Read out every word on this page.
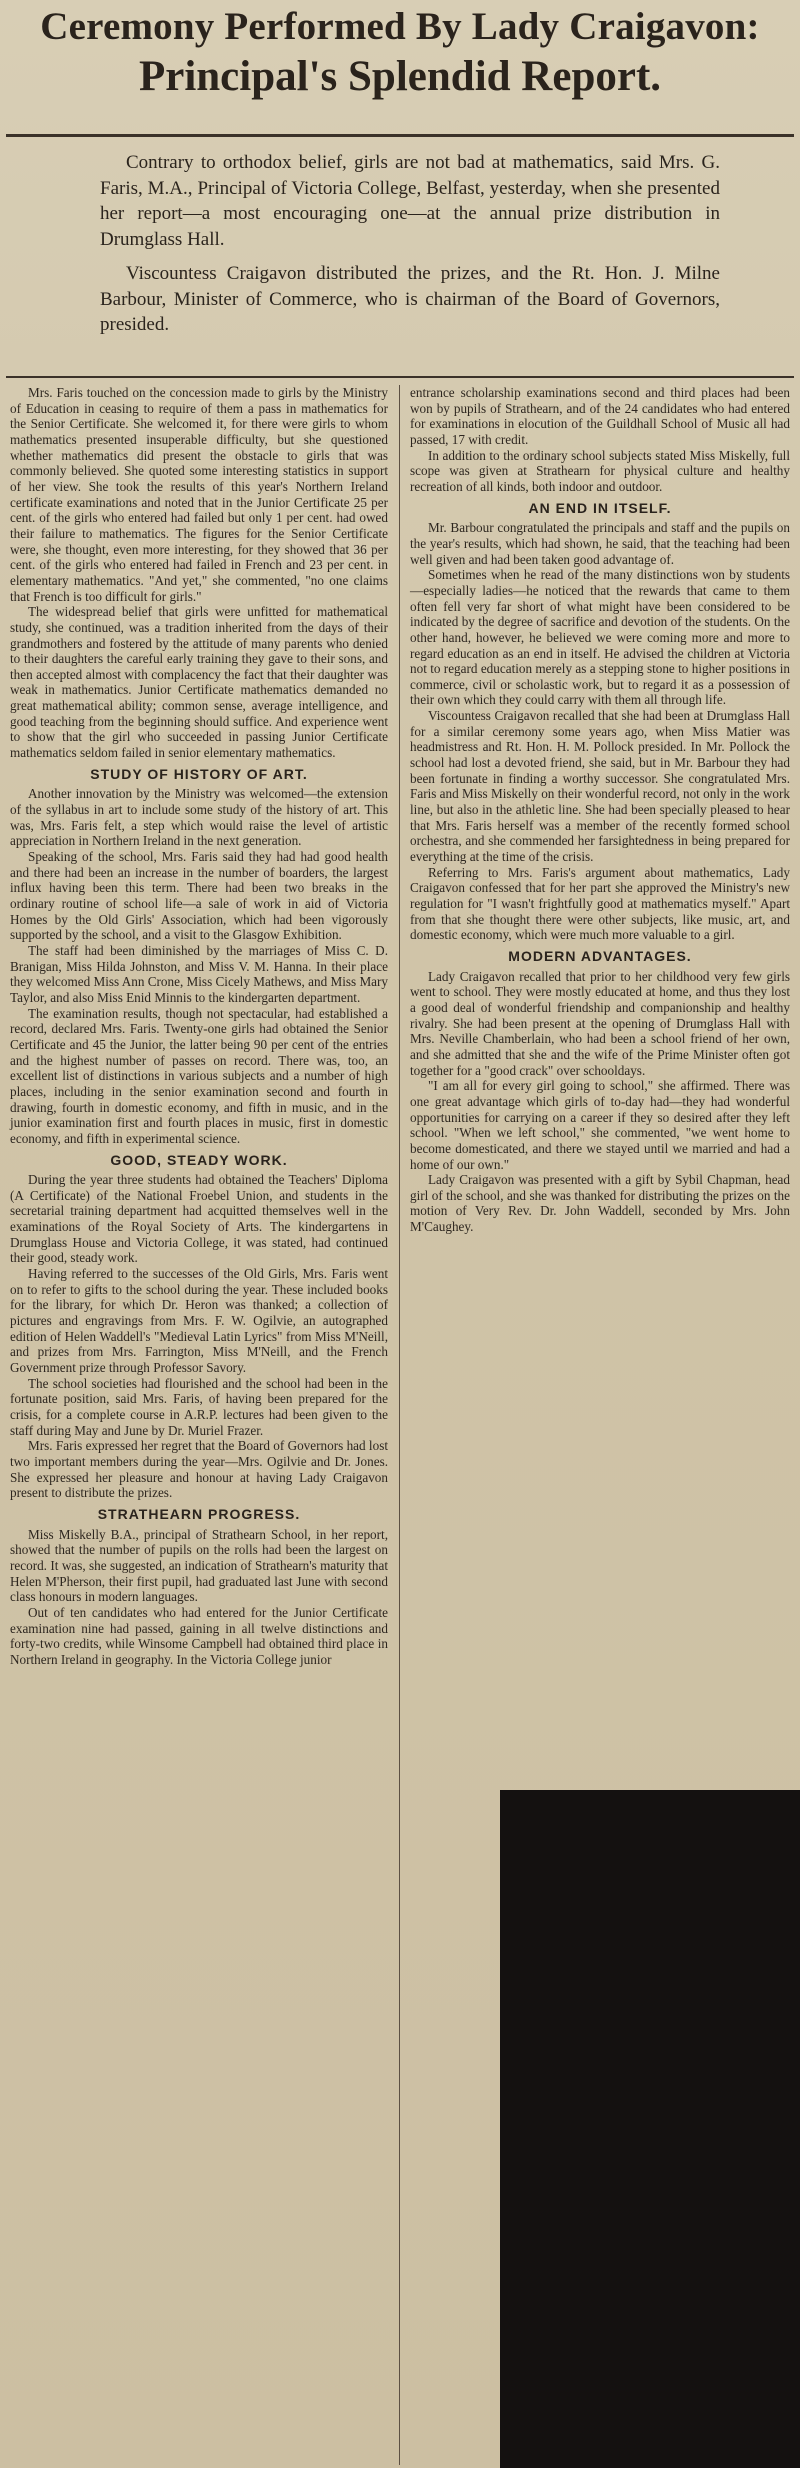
Ceremony Performed By Lady Craigavon:
Principal's Splendid Report.

Contrary to orthodox belief, girls are not bad at mathematics, said Mrs. G. Faris, M.A., Principal of Victoria College, Belfast, yesterday, when she presented her report—a most encouraging one—at the annual prize distribution in Drumglass Hall.

Viscountess Craigavon distributed the prizes, and the Rt. Hon. J. Milne Barbour, Minister of Commerce, who is chairman of the Board of Governors, presided.

Mrs. Faris touched on the concession made to girls by the Ministry of Education in ceasing to require of them a pass in mathematics for the Senior Certificate. She welcomed it, for there were girls to whom mathematics presented insuperable difficulty, but she questioned whether mathematics did present the obstacle to girls that was commonly believed. She quoted some interesting statistics in support of her view. She took the results of this year's Northern Ireland certificate examinations and noted that in the Junior Certificate 25 per cent. of the girls who entered had failed but only 1 per cent. had owed their failure to mathematics. The figures for the Senior Certificate were, she thought, even more interesting, for they showed that 36 per cent. of the girls who entered had failed in French and 23 per cent. in elementary mathematics. "And yet," she commented, "no one claims that French is too difficult for girls."

The widespread belief that girls were unfitted for mathematical study, she continued, was a tradition inherited from the days of their grandmothers and fostered by the attitude of many parents who denied to their daughters the careful early training they gave to their sons, and then accepted almost with complacency the fact that their daughter was weak in mathematics. Junior Certificate mathematics demanded no great mathematical ability; common sense, average intelligence, and good teaching from the beginning should suffice. And experience went to show that the girl who succeeded in passing Junior Certificate mathematics seldom failed in senior elementary mathematics.

STUDY OF HISTORY OF ART.

Another innovation by the Ministry was welcomed—the extension of the syllabus in art to include some study of the history of art. This was, Mrs. Faris felt, a step which would raise the level of artistic appreciation in Northern Ireland in the next generation.

Speaking of the school, Mrs. Faris said they had had good health and there had been an increase in the number of boarders, the largest influx having been this term. There had been two breaks in the ordinary routine of school life—a sale of work in aid of Victoria Homes by the Old Girls' Association, which had been vigorously supported by the school, and a visit to the Glasgow Exhibition.

The staff had been diminished by the marriages of Miss C. D. Branigan, Miss Hilda Johnston, and Miss V. M. Hanna. In their place they welcomed Miss Ann Crone, Miss Cicely Mathews, and Miss Mary Taylor, and also Miss Enid Minnis to the kindergarten department.

The examination results, though not spectacular, had established a record, declared Mrs. Faris. Twenty-one girls had obtained the Senior Certificate and 45 the Junior, the latter being 90 per cent of the entries and the highest number of passes on record. There was, too, an excellent list of distinctions in various subjects and a number of high places, including in the senior examination second and fourth in drawing, fourth in domestic economy, and fifth in music, and in the junior examination first and fourth places in music, first in domestic economy, and fifth in experimental science.

GOOD, STEADY WORK.

During the year three students had obtained the Teachers' Diploma (A Certificate) of the National Froebel Union, and students in the secretarial training department had acquitted themselves well in the examinations of the Royal Society of Arts. The kindergartens in Drumglass House and Victoria College, it was stated, had continued their good, steady work.

Having referred to the successes of the Old Girls, Mrs. Faris went on to refer to gifts to the school during the year. These included books for the library, for which Dr. Heron was thanked; a collection of pictures and engravings from Mrs. F. W. Ogilvie, an autographed edition of Helen Waddell's "Medieval Latin Lyrics" from Miss M'Neill, and prizes from Mrs. Farrington, Miss M'Neill, and the French Government prize through Professor Savory.

The school societies had flourished and the school had been in the fortunate position, said Mrs. Faris, of having been prepared for the crisis, for a complete course in A.R.P. lectures had been given to the staff during May and June by Dr. Muriel Frazer.

Mrs. Faris expressed her regret that the Board of Governors had lost two important members during the year—Mrs. Ogilvie and Dr. Jones. She expressed her pleasure and honour at having Lady Craigavon present to distribute the prizes.

STRATHEARN PROGRESS.

Miss Miskelly B.A., principal of Strathearn School, in her report, showed that the number of pupils on the rolls had been the largest on record. It was, she suggested, an indication of Strathearn's maturity that Helen M'Pherson, their first pupil, had graduated last June with second class honours in modern languages.

Out of ten candidates who had entered for the Junior Certificate examination nine had passed, gaining in all twelve distinctions and forty-two credits, while Winsome Campbell had obtained third place in Northern Ireland in geography. In the Victoria College junior

entrance scholarship examinations second and third places had been won by pupils of Strathearn, and of the 24 candidates who had entered for examinations in elocution of the Guildhall School of Music all had passed, 17 with credit.

In addition to the ordinary school subjects stated Miss Miskelly, full scope was given at Strathearn for physical culture and healthy recreation of all kinds, both indoor and outdoor.

AN END IN ITSELF.

Mr. Barbour congratulated the principals and staff and the pupils on the year's results, which had shown, he said, that the teaching had been well given and had been taken good advantage of.

Sometimes when he read of the many distinctions won by students—especially ladies—he noticed that the rewards that came to them often fell very far short of what might have been considered to be indicated by the degree of sacrifice and devotion of the students. On the other hand, however, he believed we were coming more and more to regard education as an end in itself. He advised the children at Victoria not to regard education merely as a stepping stone to higher positions in commerce, civil or scholastic work, but to regard it as a possession of their own which they could carry with them all through life.

Viscountess Craigavon recalled that she had been at Drumglass Hall for a similar ceremony some years ago, when Miss Matier was headmistress and Rt. Hon. H. M. Pollock presided. In Mr. Pollock the school had lost a devoted friend, she said, but in Mr. Barbour they had been fortunate in finding a worthy successor. She congratulated Mrs. Faris and Miss Miskelly on their wonderful record, not only in the work line, but also in the athletic line. She had been specially pleased to hear that Mrs. Faris herself was a member of the recently formed school orchestra, and she commended her farsightedness in being prepared for everything at the time of the crisis.

Referring to Mrs. Faris's argument about mathematics, Lady Craigavon confessed that for her part she approved the Ministry's new regulation for "I wasn't frightfully good at mathematics myself." Apart from that she thought there were other subjects, like music, art, and domestic economy, which were much more valuable to a girl.

MODERN ADVANTAGES.

Lady Craigavon recalled that prior to her childhood very few girls went to school. They were mostly educated at home, and thus they lost a good deal of wonderful friendship and companionship and healthy rivalry. She had been present at the opening of Drumglass Hall with Mrs. Neville Chamberlain, who had been a school friend of her own, and she admitted that she and the wife of the Prime Minister often got together for a "good crack" over schooldays.

"I am all for every girl going to school," she affirmed. There was one great advantage which girls of to-day had—they had wonderful opportunities for carrying on a career if they so desired after they left school. "When we left school," she commented, "we went home to become domesticated, and there we stayed until we married and had a home of our own."

Lady Craigavon was presented with a gift by Sybil Chapman, head girl of the school, and she was thanked for distributing the prizes on the motion of Very Rev. Dr. John Waddell, seconded by Mrs. John M'Caughey.
